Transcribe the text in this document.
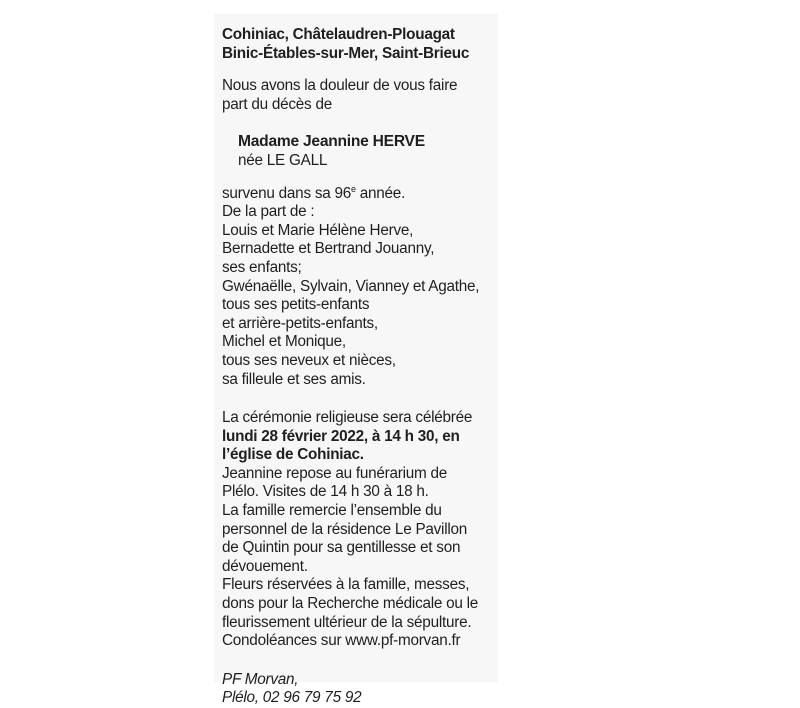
Cohiniac, Châtelaudren-Plouagat
Binic-Étables-sur-Mer, Saint-Brieuc
Nous avons la douleur de vous faire
part du décès de
Madame Jeannine HERVE
née LE GALL
survenu dans sa 96e année.
De la part de :
Louis et Marie Hélène Herve,
Bernadette et Bertrand Jouanny,
ses enfants;
Gwénaëlle, Sylvain, Vianney et Agathe,
tous ses petits-enfants
et arrière-petits-enfants,
Michel et Monique,
tous ses neveux et nièces,
sa filleule et ses amis.
La cérémonie religieuse sera célébrée
lundi 28 février 2022, à 14 h 30, en
l’église de Cohiniac.
Jeannine repose au funérarium de
Plélo. Visites de 14 h 30 à 18 h.
La famille remercie l’ensemble du
personnel de la résidence Le Pavillon
de Quintin pour sa gentillesse et son
dévouement.
Fleurs réservées à la famille, messes,
dons pour la Recherche médicale ou le
fleurissement ultérieur de la sépulture.
Condoléances sur www.pf-morvan.fr
PF Morvan,
Plélo, 02 96 79 75 92
